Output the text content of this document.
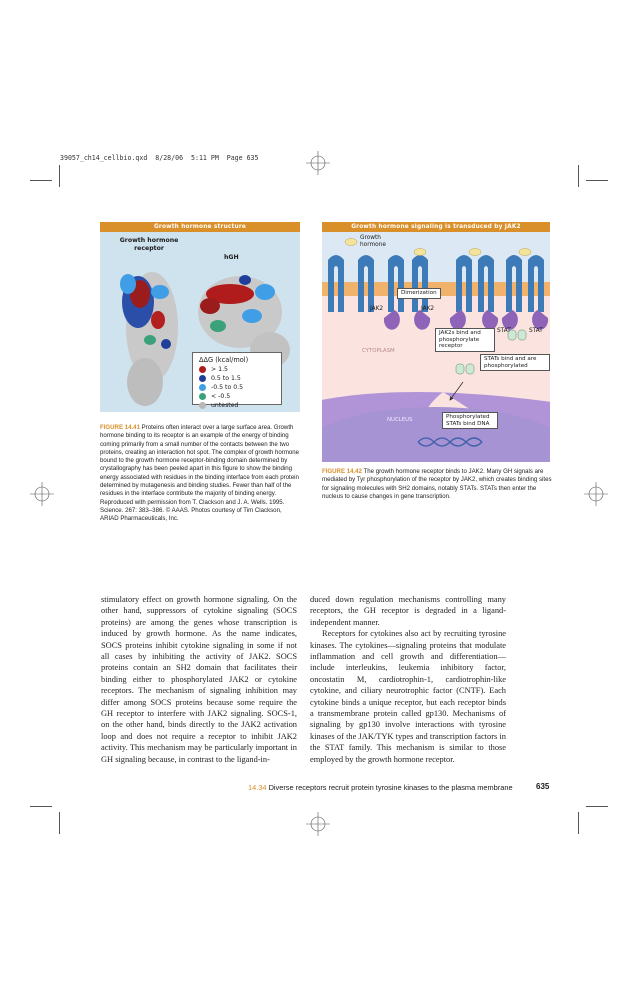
39057_ch14_cellbio.qxd  8/28/06  5:11 PM  Page 635
Growth hormone structure
Growth hormone receptor
hGH
ΔΔG (kcal/mol)
> 1.5
0.5 to 1.5
-0.5 to 0.5
< -0.5
untested
FIGURE 14.41 Proteins often interact over a large surface area. Growth hormone binding to its receptor is an example of the energy of binding coming primarily from a small number of the contacts between the two proteins, creating an interaction hot spot. The complex of growth hormone bound to the growth hormone receptor-binding domain determined by crystallography has been peeled apart in this figure to show the binding energy associated with residues in the binding interface from each protein determined by mutagenesis and binding studies. Fewer than half of the residues in the interface contribute the majority of binding energy. Reproduced with permission from T. Clackson and J. A. Wells. 1995. Science. 267: 383–386. © AAAS. Photos courtesy of Tim Clackson, ARIAD Pharmaceuticals, Inc.
Growth hormone signaling is transduced by JAK2
Growth hormone
Dimerization
JAK2	JAK2
STAT	STAT
JAK2s bind and phosphorylate receptor
CYTOPLASM
STATs bind and are phosphorylated
NUCLEUS	Phosphorylated STATs bind DNA
FIGURE 14.42 The growth hormone receptor binds to JAK2. Many GH signals are mediated by Tyr phosphorylation of the receptor by JAK2, which creates binding sites for signaling molecules with SH2 domains, notably STATs. STATs then enter the nucleus to cause changes in gene transcription.

stimulatory effect on growth hormone signaling. On the other hand, suppressors of cytokine signaling (SOCS proteins) are among the genes whose transcription is induced by growth hormone. As the name indicates, SOCS proteins inhibit cytokine signaling in some if not all cases by inhibiting the activity of JAK2. SOCS proteins contain an SH2 domain that facilitates their binding either to phosphorylated JAK2 or cytokine receptors. The mechanism of signaling inhibition may differ among SOCS proteins because some require the GH receptor to interfere with JAK2 signaling. SOCS-1, on the other hand, binds directly to the JAK2 activation loop and does not require a receptor to inhibit JAK2 activity. This mechanism may be particularly important in GH signaling because, in contrast to the ligand-in-

duced down regulation mechanisms controlling many receptors, the GH receptor is degraded in a ligand-independent manner.

Receptors for cytokines also act by recruiting tyrosine kinases. The cytokines—signaling proteins that modulate inflammation and cell growth and differentiation—include interleukins, leukemia inhibitory factor, oncostatin M, cardiotrophin-1, cardiotrophin-like cytokine, and ciliary neurotrophic factor (CNTF). Each cytokine binds a unique receptor, but each receptor binds a transmembrane protein called gp130. Mechanisms of signaling by gp130 involve interactions with tyrosine kinases of the JAK/TYK types and transcription factors in the STAT family. This mechanism is similar to those employed by the growth hormone receptor.

14.34 Diverse receptors recruit protein tyrosine kinases to the plasma membrane	635
